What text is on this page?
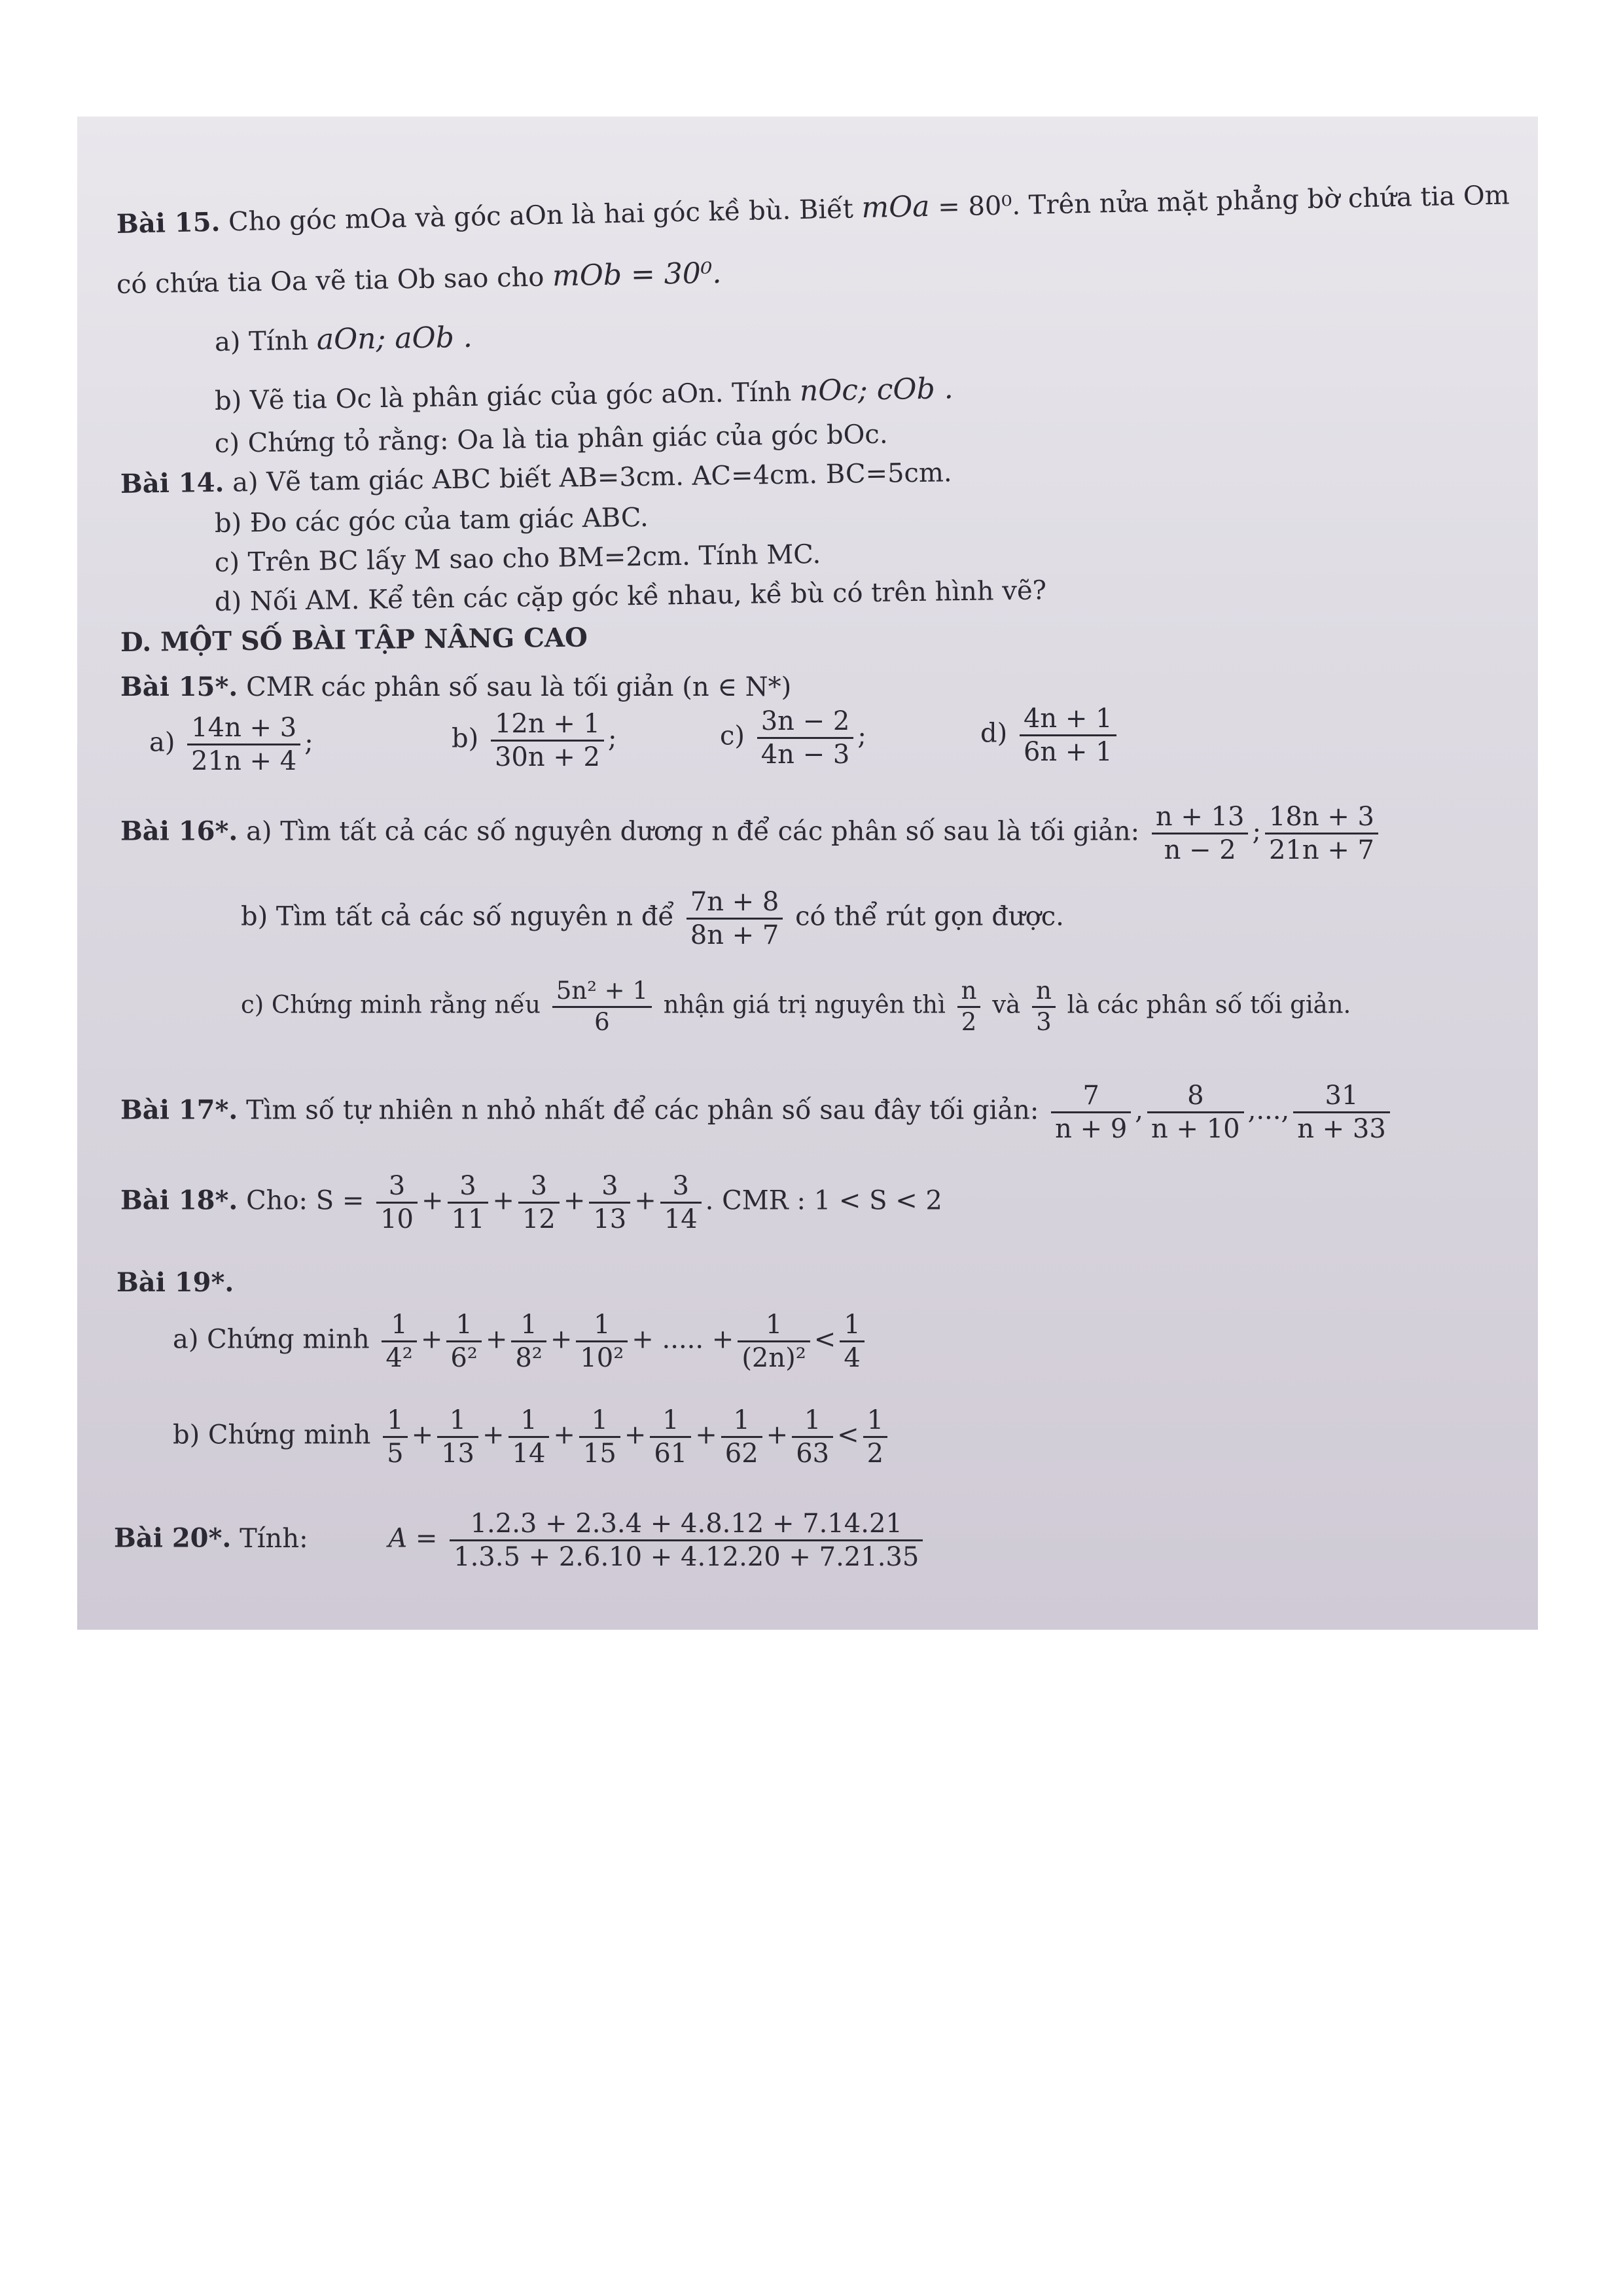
Bài 15. Cho góc mOa và góc aOn là hai góc kề bù. Biết mOa = 80⁰. Trên nửa mặt phẳng bờ chứa tia Om
có chứa tia Oa vẽ tia Ob sao cho mOb = 30⁰.
a) Tính aOn; aOb .
b) Vẽ tia Oc là phân giác của góc aOn. Tính nOc; cOb .
c) Chứng tỏ rằng: Oa là tia phân giác của góc bOc.
Bài 14. a) Vẽ tam giác ABC biết AB=3cm. AC=4cm. BC=5cm.
b) Đo các góc của tam giác ABC.
c) Trên BC lấy M sao cho BM=2cm. Tính MC.
d) Nối AM. Kể tên các cặp góc kề nhau, kề bù có trên hình vẽ?
D. MỘT SỐ BÀI TẬP NÂNG CAO
Bài 15*. CMR các phân số sau là tối giản (n ∈ N*)
$a) \frac{14n + 3}{21n + 4}$ ;	$b) \frac{12n + 1}{30n + 2}$ ;	$c) \frac{3n - 2}{4n - 3}$ ;	$d) \frac{4n + 1}{6n + 1}$
Bài 16*. a) Tìm tất cả các số nguyên dương n để các phân số sau là tối giản: $\frac{n + 13}{n - 2}$ ; $\frac{18n + 3}{21n + 7}$
b) Tìm tất cả các số nguyên n để $\frac{7n + 8}{8n + 7}$ có thể rút gọn được.
c) Chứng minh rằng nếu $\frac{\text{5n² + 1}}{6}$ nhận giá trị nguyên thì $\frac{n}{2}$ và $\frac{n}{3}$ là các phân số tối giản.
Bài 17*. Tìm số tự nhiên n nhỏ nhất để các phân số sau đây tối giản: $\frac{7}{n + 9}$ , $\frac{8}{n + 10}$ ,..., $\frac{31}{n + 33}$
Bài 18*. Cho: $S = \frac{3}{10} + \frac{3}{11} + \frac{3}{12} + \frac{3}{13} + \frac{3}{14}$ . CMR : 1 < S < 2
Bài 19*.
a) Chứng minh $\frac{1}{\text{4²}} + \frac{1}{\text{6²}} + \frac{1}{\text{8²}} + \frac{1}{\text{10²}}$ + ..... + $\frac{1}{\text{(2n)²}} < \frac{1}{4}$
b) Chứng minh $\frac{1}{5} + \frac{1}{13} + \frac{1}{14} + \frac{1}{15} + \frac{1}{61} + \frac{1}{62} + \frac{1}{63} < \frac{1}{2}$
Bài 20*. Tính:	$A = \frac{1.2.3 + 2.3.4 + 4.8.12 + 7.14.21}{1.3.5 + 2.6.10 + 4.12.20 + 7.21.35}$
